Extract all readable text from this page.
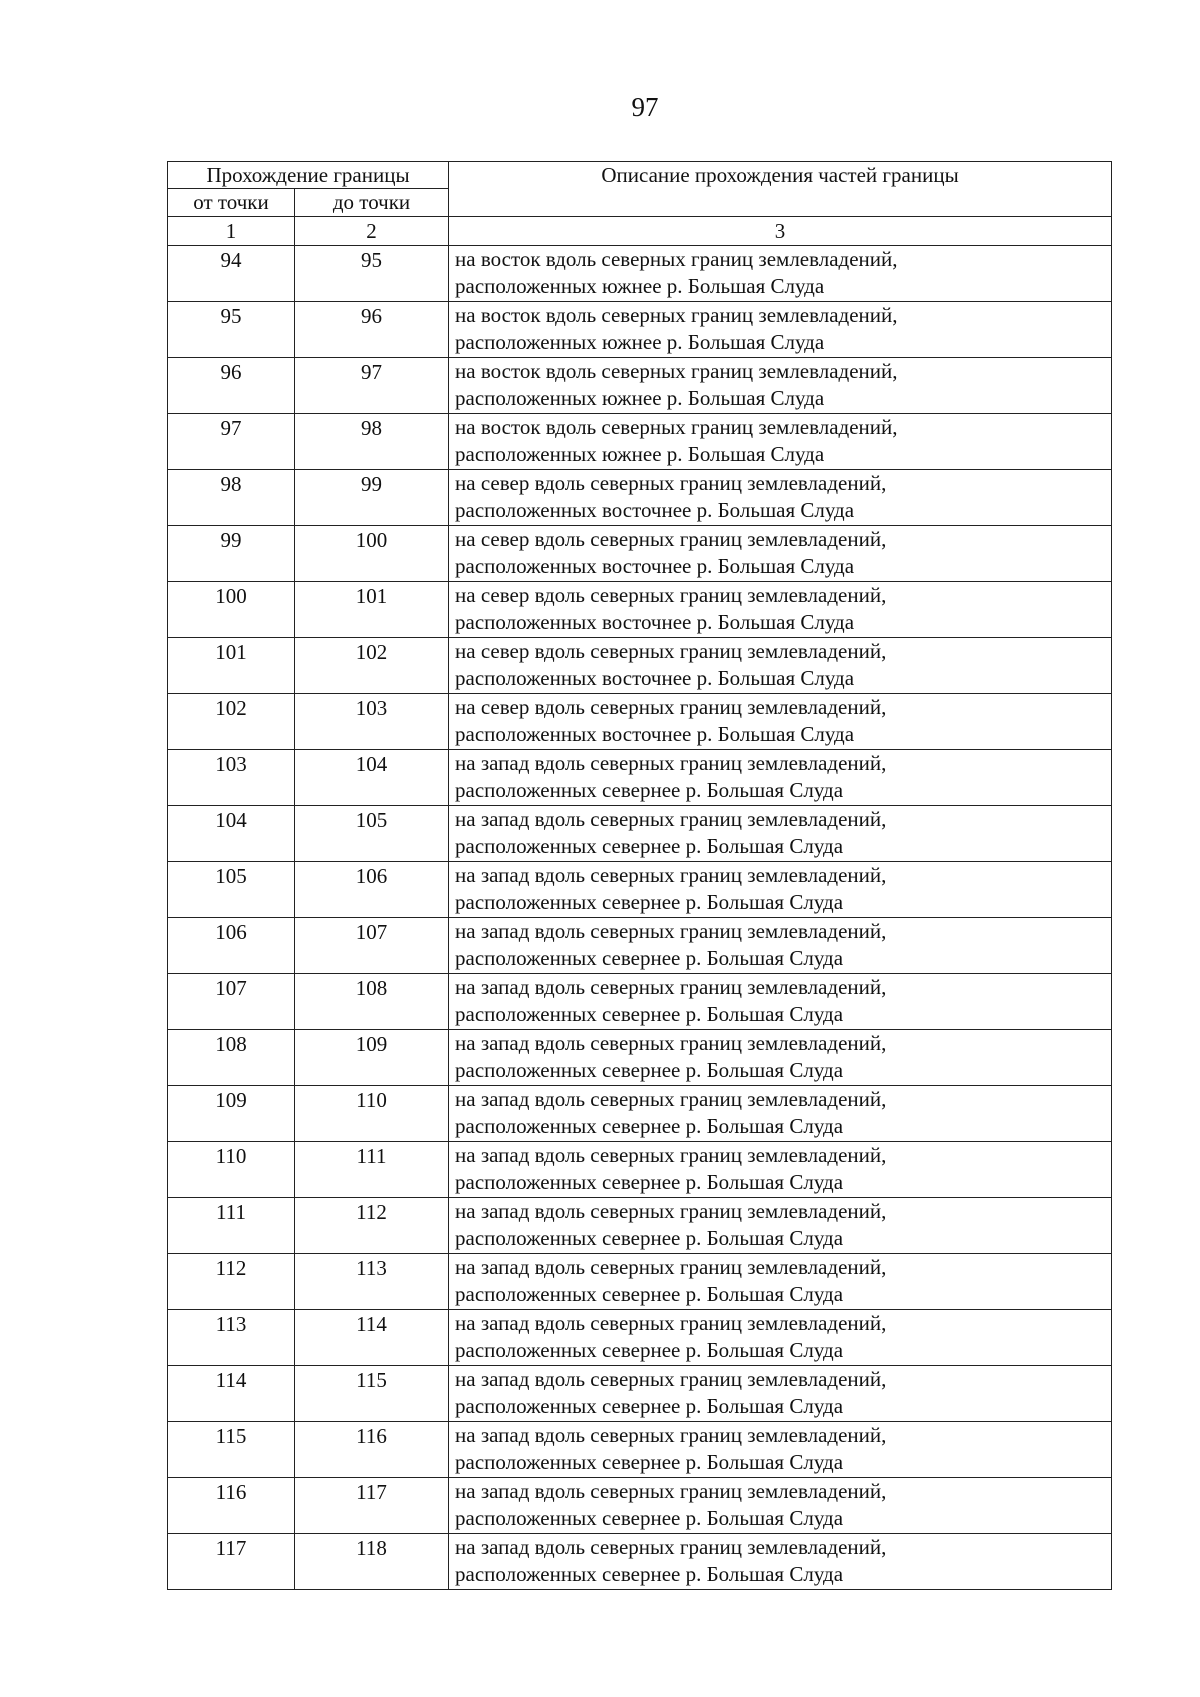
97
Прохождение границы		Описание прохождения частей границы
от точки	до точки	
1	2	3
94	95	на восток вдоль северных границ землевладений,
расположенных южнее р. Большая Слуда

95	96	на восток вдоль северных границ землевладений,
расположенных южнее р. Большая Слуда

96	97	на восток вдоль северных границ землевладений,
расположенных южнее р. Большая Слуда

97	98	на восток вдоль северных границ землевладений,
расположенных южнее р. Большая Слуда

98	99	на север вдоль северных границ землевладений,
расположенных восточнее р. Большая Слуда

99	100	на север вдоль северных границ землевладений,
расположенных восточнее р. Большая Слуда

100	101	на север вдоль северных границ землевладений,
расположенных восточнее р. Большая Слуда

101	102	на север вдоль северных границ землевладений,
расположенных восточнее р. Большая Слуда

102	103	на север вдоль северных границ землевладений,
расположенных восточнее р. Большая Слуда

103	104	на запад вдоль северных границ землевладений,
расположенных севернее р. Большая Слуда

104	105	на запад вдоль северных границ землевладений,
расположенных севернее р. Большая Слуда

105	106	на запад вдоль северных границ землевладений,
расположенных севернее р. Большая Слуда

106	107	на запад вдоль северных границ землевладений,
расположенных севернее р. Большая Слуда

107	108	на запад вдоль северных границ землевладений,
расположенных севернее р. Большая Слуда

108	109	на запад вдоль северных границ землевладений,
расположенных севернее р. Большая Слуда

109	110	на запад вдоль северных границ землевладений,
расположенных севернее р. Большая Слуда

110	111	на запад вдоль северных границ землевладений,
расположенных севернее р. Большая Слуда

111	112	на запад вдоль северных границ землевладений,
расположенных севернее р. Большая Слуда

112	113	на запад вдоль северных границ землевладений,
расположенных севернее р. Большая Слуда

113	114	на запад вдоль северных границ землевладений,
расположенных севернее р. Большая Слуда

114	115	на запад вдоль северных границ землевладений,
расположенных севернее р. Большая Слуда

115	116	на запад вдоль северных границ землевладений,
расположенных севернее р. Большая Слуда

116	117	на запад вдоль северных границ землевладений,
расположенных севернее р. Большая Слуда

117	118	на запад вдоль северных границ землевладений,
расположенных севернее р. Большая Слуда
